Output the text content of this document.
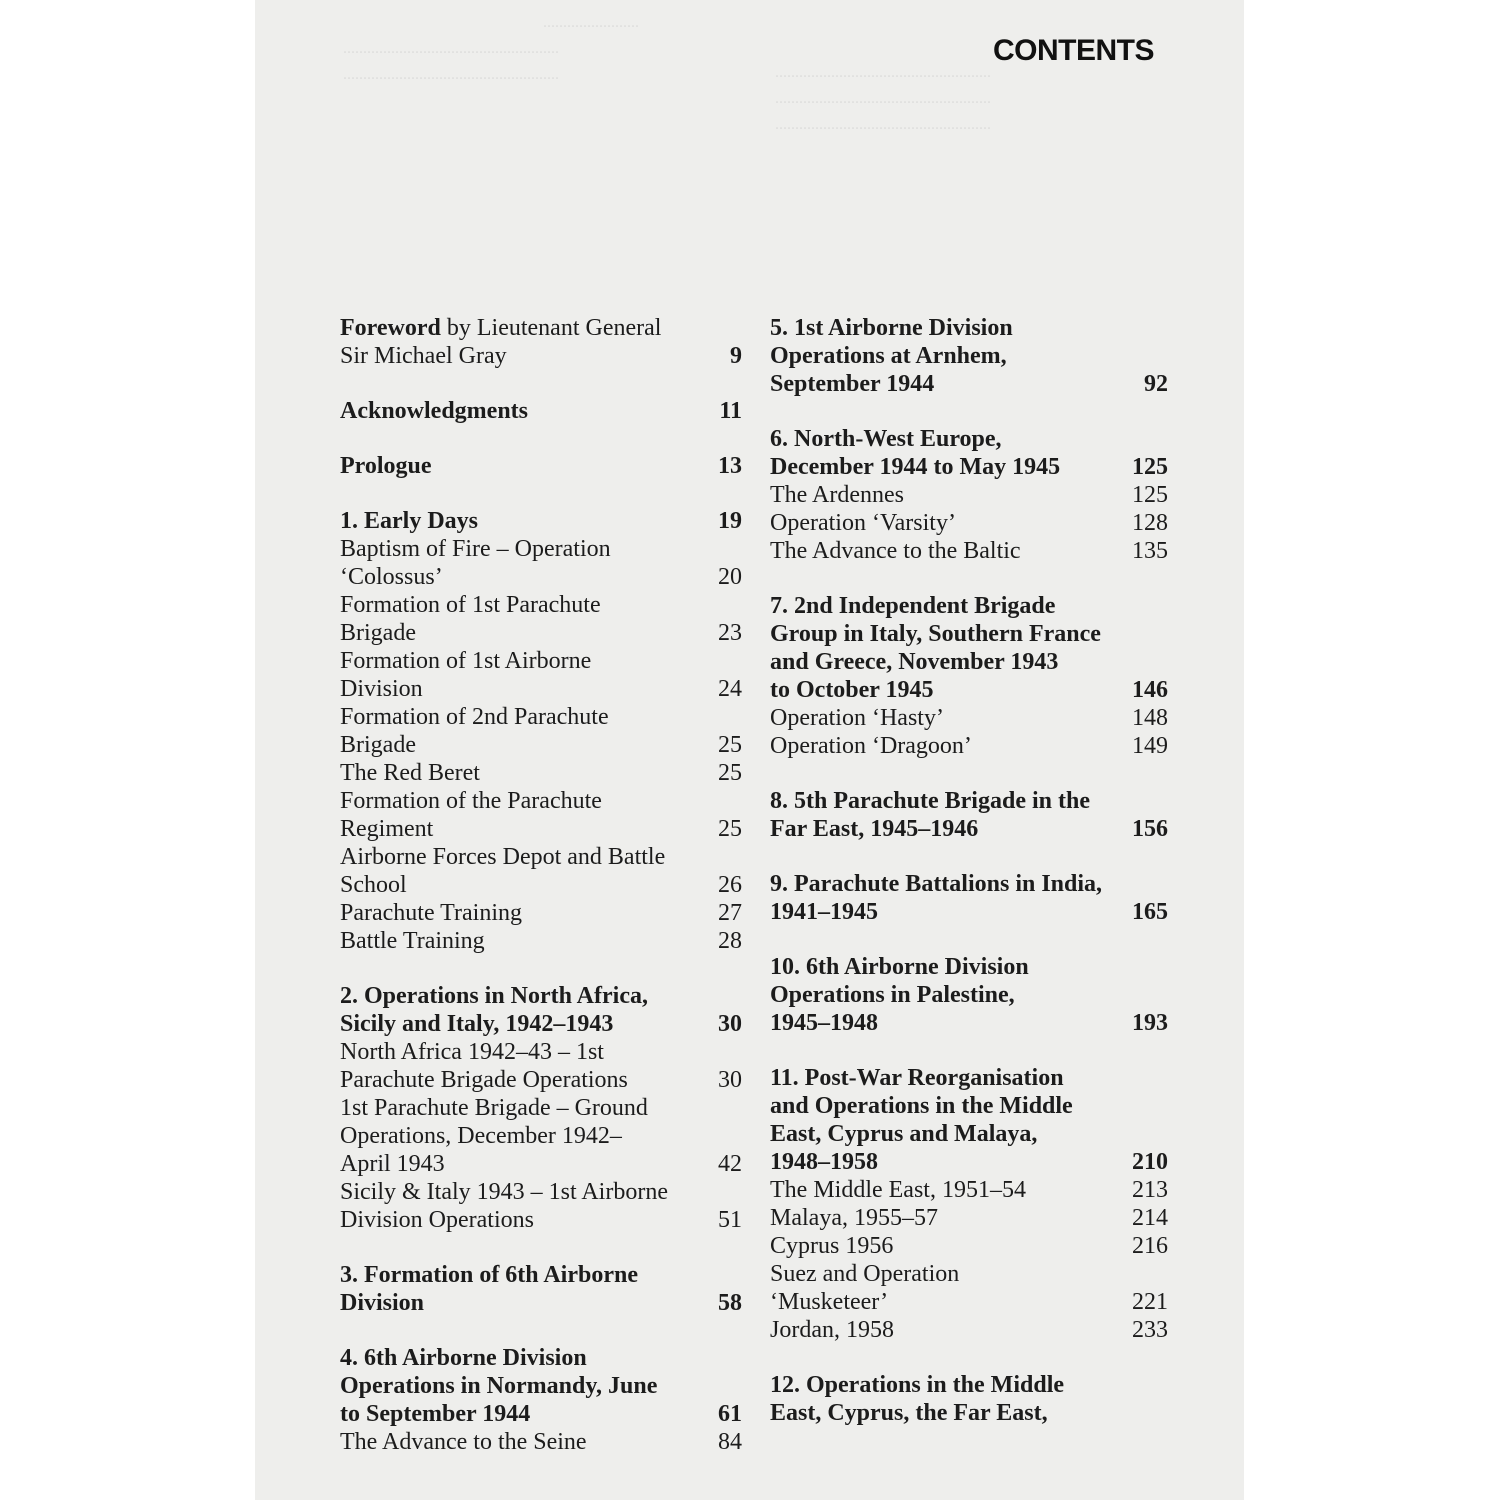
........................
......................................................
......................................................	......................................................
......................................................
......................................................
CONTENTS
Foreword by Lieutenant General
Sir Michael Gray	9
Acknowledgments	11
Prologue	13
1. Early Days	19
Baptism of Fire – Operation
‘Colossus’	20
Formation of 1st Parachute
Brigade	23
Formation of 1st Airborne
Division	24
Formation of 2nd Parachute
Brigade	25
The Red Beret	25
Formation of the Parachute
Regiment	25
Airborne Forces Depot and Battle
School	26
Parachute Training	27
Battle Training	28
2. Operations in North Africa,
Sicily and Italy, 1942–1943	30
North Africa 1942–43 – 1st
Parachute Brigade Operations	30
1st Parachute Brigade – Ground
Operations, December 1942–
April 1943	42
Sicily & Italy 1943 – 1st Airborne
Division Operations	51
3. Formation of 6th Airborne
Division	58
4. 6th Airborne Division
Operations in Normandy, June
to September 1944	61
The Advance to the Seine	84
5. 1st Airborne Division
Operations at Arnhem,
September 1944	92
6. North-West Europe,
December 1944 to May 1945	125
The Ardennes	125
Operation ‘Varsity’	128
The Advance to the Baltic	135
7. 2nd Independent Brigade
Group in Italy, Southern France
and Greece, November 1943
to October 1945	146
Operation ‘Hasty’	148
Operation ‘Dragoon’	149
8. 5th Parachute Brigade in the
Far East, 1945–1946	156
9. Parachute Battalions in India,
1941–1945	165
10. 6th Airborne Division
Operations in Palestine,
1945–1948	193
11. Post-War Reorganisation
and Operations in the Middle
East, Cyprus and Malaya,
1948–1958	210
The Middle East, 1951–54	213
Malaya, 1955–57	214
Cyprus 1956	216
Suez and Operation
‘Musketeer’	221
Jordan, 1958	233
12. Operations in the Middle
East, Cyprus, the Far East,
